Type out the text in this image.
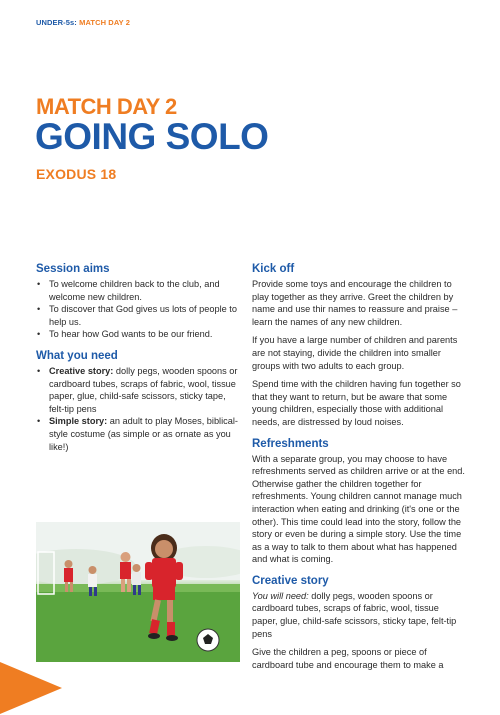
UNDER-5s: MATCH DAY 2
MATCH DAY 2
GOING SOLO
EXODUS 18
Session aims
• To welcome children back to the club, and welcome new children.
• To discover that God gives us lots of people to help us.
• To hear how God wants to be our friend.
What you need
• Creative story: dolly pegs, wooden spoons or cardboard tubes, scraps of fabric, wool, tissue paper, glue, child-safe scissors, sticky tape, felt-tip pens
• Simple story: an adult to play Moses, biblical-style costume (as simple or as ornate as you like!)
Kick off

Provide some toys and encourage the children to play together as they arrive. Greet the children by name and use thir names to reassure and praise – learn the names of any new children.

If you have a large number of children and parents are not staying, divide the children into smaller groups with two adults to each group.

Spend time with the children having fun together so that they want to return, but be aware that some young children, especially those with additional needs, are distressed by loud noises.

Refreshments

With a separate group, you may choose to have refreshments served as children arrive or at the end. Otherwise gather the children together for refreshments. Young children cannot manage much interaction when eating and drinking (it's one or the other). This time could lead into the story, follow the story or even be during a simple story. Use the time as a way to talk to them about what has happened and what is coming.

Creative story

You will need: dolly pegs, wooden spoons or cardboard tubes, scraps of fabric, wool, tissue paper, glue, child-safe scissors, sticky tape, felt-tip pens

Give the children a peg, spoons or piece of cardboard tube and encourage them to make a
